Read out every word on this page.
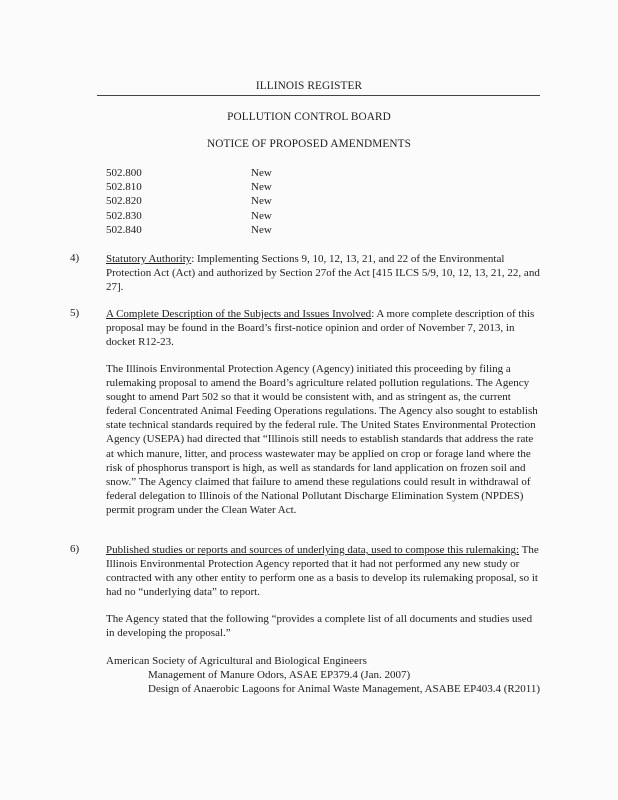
ILLINOIS REGISTER
POLLUTION CONTROL BOARD
NOTICE OF PROPOSED AMENDMENTS
502.800	New
502.810	New
502.820	New
502.830	New
502.840	New
4) Statutory Authority: Implementing Sections 9, 10, 12, 13, 21, and 22 of the Environmental Protection Act (Act) and authorized by Section 27of the Act [415 ILCS 5/9, 10, 12, 13, 21, 22, and 27].

5) A Complete Description of the Subjects and Issues Involved: A more complete description of this proposal may be found in the Board’s first-notice opinion and order of November 7, 2013, in docket R12-23.

The Illinois Environmental Protection Agency (Agency) initiated this proceeding by filing a rulemaking proposal to amend the Board’s agriculture related pollution regulations. The Agency sought to amend Part 502 so that it would be consistent with, and as stringent as, the current federal Concentrated Animal Feeding Operations regulations. The Agency also sought to establish state technical standards required by the federal rule. The United States Environmental Protection Agency (USEPA) had directed that “Illinois still needs to establish standards that address the rate at which manure, litter, and process wastewater may be applied on crop or forage land where the risk of phosphorus transport is high, as well as standards for land application on frozen soil and snow.” The Agency claimed that failure to amend these regulations could result in withdrawal of federal delegation to Illinois of the National Pollutant Discharge Elimination System (NPDES) permit program under the Clean Water Act.
6) Published studies or reports and sources of underlying data, used to compose this rulemaking: The Illinois Environmental Protection Agency reported that it had not performed any new study or contracted with any other entity to perform one as a basis to develop its rulemaking proposal, so it had no “underlying data” to report.

The Agency stated that the following “provides a complete list of all documents and studies used in developing the proposal.”

American Society of Agricultural and Biological Engineers

Management of Manure Odors, ASAE EP379.4 (Jan. 2007)

Design of Anaerobic Lagoons for Animal Waste Management, ASABE EP403.4 (R2011)
